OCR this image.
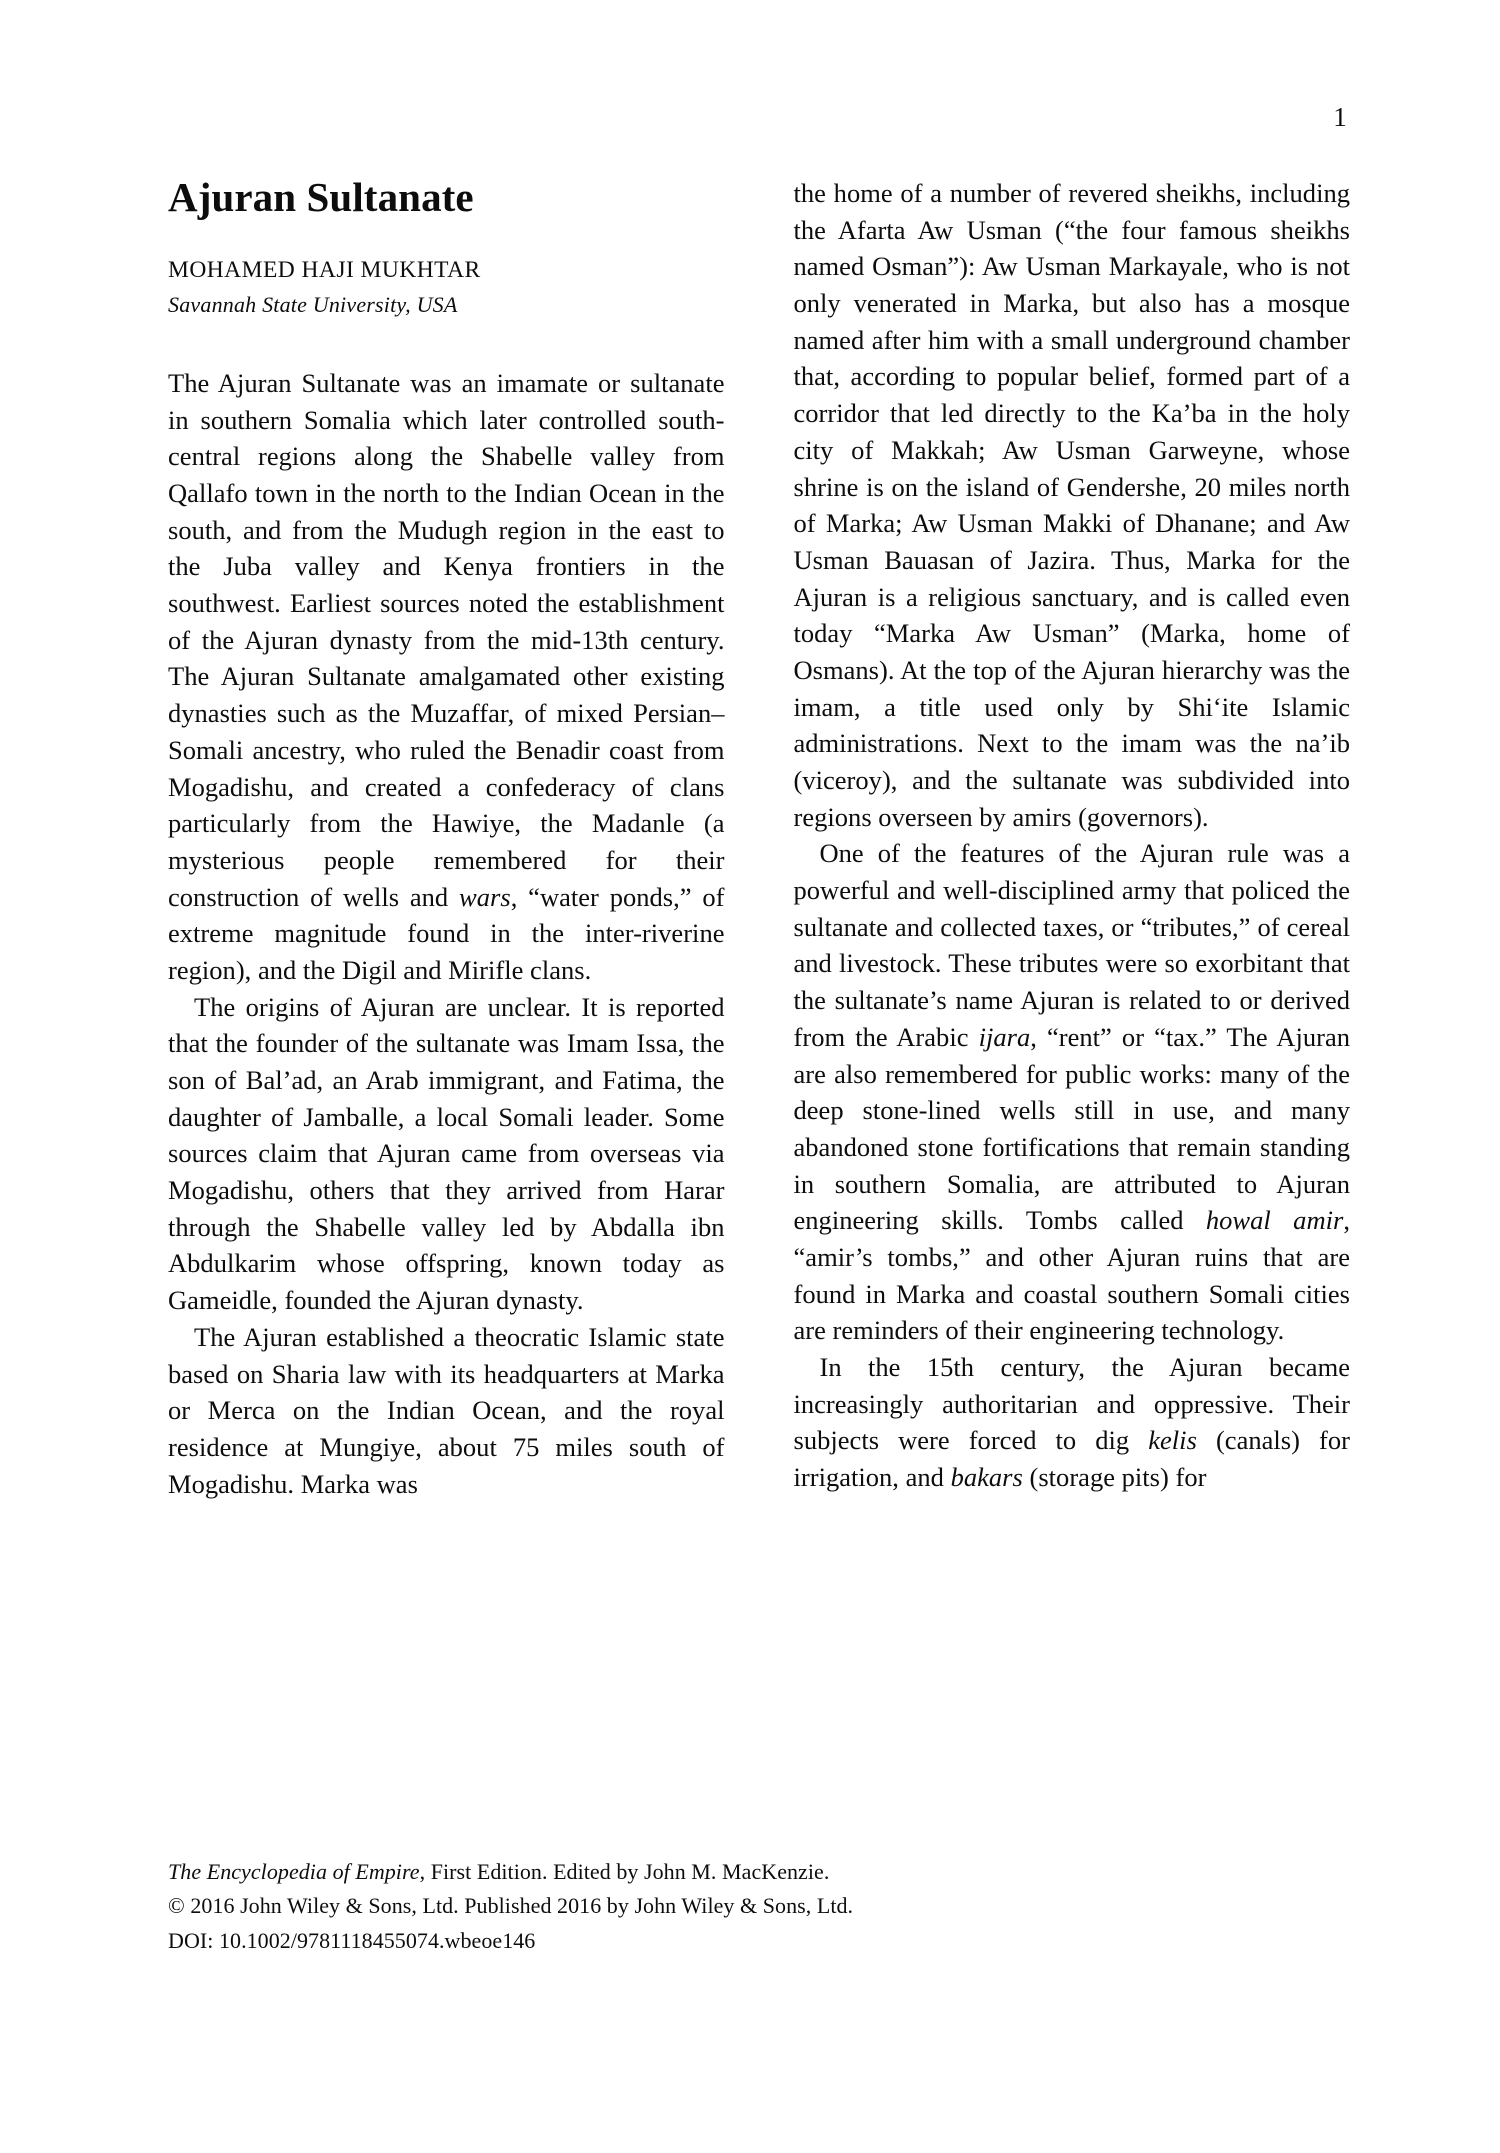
1
Ajuran Sultanate
MOHAMED HAJI MUKHTAR
Savannah State University, USA

The Ajuran Sultanate was an imamate or sultanate in southern Somalia which later controlled south-central regions along the Shabelle valley from Qallafo town in the north to the Indian Ocean in the south, and from the Mudugh region in the east to the Juba valley and Kenya frontiers in the southwest. Earliest sources noted the establishment of the Ajuran dynasty from the mid-13th century. The Ajuran Sultanate amalgamated other existing dynasties such as the Muzaffar, of mixed Persian–Somali ancestry, who ruled the Benadir coast from Mogadishu, and created a confederacy of clans particularly from the Hawiye, the Madanle (a mysterious people remembered for their construction of wells and wars, “water ponds,” of extreme magnitude found in the inter-riverine region), and the Digil and Mirifle clans.

The origins of Ajuran are unclear. It is reported that the founder of the sultanate was Imam Issa, the son of Bal’ad, an Arab immigrant, and Fatima, the daughter of Jamballe, a local Somali leader. Some sources claim that Ajuran came from overseas via Mogadishu, others that they arrived from Harar through the Shabelle valley led by Abdalla ibn Abdulkarim whose offspring, known today as Gameidle, founded the Ajuran dynasty.

The Ajuran established a theocratic Islamic state based on Sharia law with its headquarters at Marka or Merca on the Indian Ocean, and the royal residence at Mungiye, about 75 miles south of Mogadishu. Marka was

the home of a number of revered sheikhs, including the Afarta Aw Usman (“the four famous sheikhs named Osman”): Aw Usman Markayale, who is not only venerated in Marka, but also has a mosque named after him with a small underground chamber that, according to popular belief, formed part of a corridor that led directly to the Ka’ba in the holy city of Makkah; Aw Usman Garweyne, whose shrine is on the island of Gendershe, 20 miles north of Marka; Aw Usman Makki of Dhanane; and Aw Usman Bauasan of Jazira. Thus, Marka for the Ajuran is a religious sanctuary, and is called even today “Marka Aw Usman” (Marka, home of Osmans). At the top of the Ajuran hierarchy was the imam, a title used only by Shi‘ite Islamic administrations. Next to the imam was the na’ib (viceroy), and the sultanate was subdivided into regions overseen by amirs (governors).

One of the features of the Ajuran rule was a powerful and well-disciplined army that policed the sultanate and collected taxes, or “tributes,” of cereal and livestock. These tributes were so exorbitant that the sultanate’s name Ajuran is related to or derived from the Arabic ijara, “rent” or “tax.” The Ajuran are also remembered for public works: many of the deep stone-lined wells still in use, and many abandoned stone fortifications that remain standing in southern Somalia, are attributed to Ajuran engineering skills. Tombs called howal amir, “amir’s tombs,” and other Ajuran ruins that are found in Marka and coastal southern Somali cities are reminders of their engineering technology.

In the 15th century, the Ajuran became increasingly authoritarian and oppressive. Their subjects were forced to dig kelis (canals) for irrigation, and bakars (storage pits) for

The Encyclopedia of Empire, First Edition. Edited by John M. MacKenzie.

© 2016 John Wiley & Sons, Ltd. Published 2016 by John Wiley & Sons, Ltd.

DOI: 10.1002/9781118455074.wbeoe146
